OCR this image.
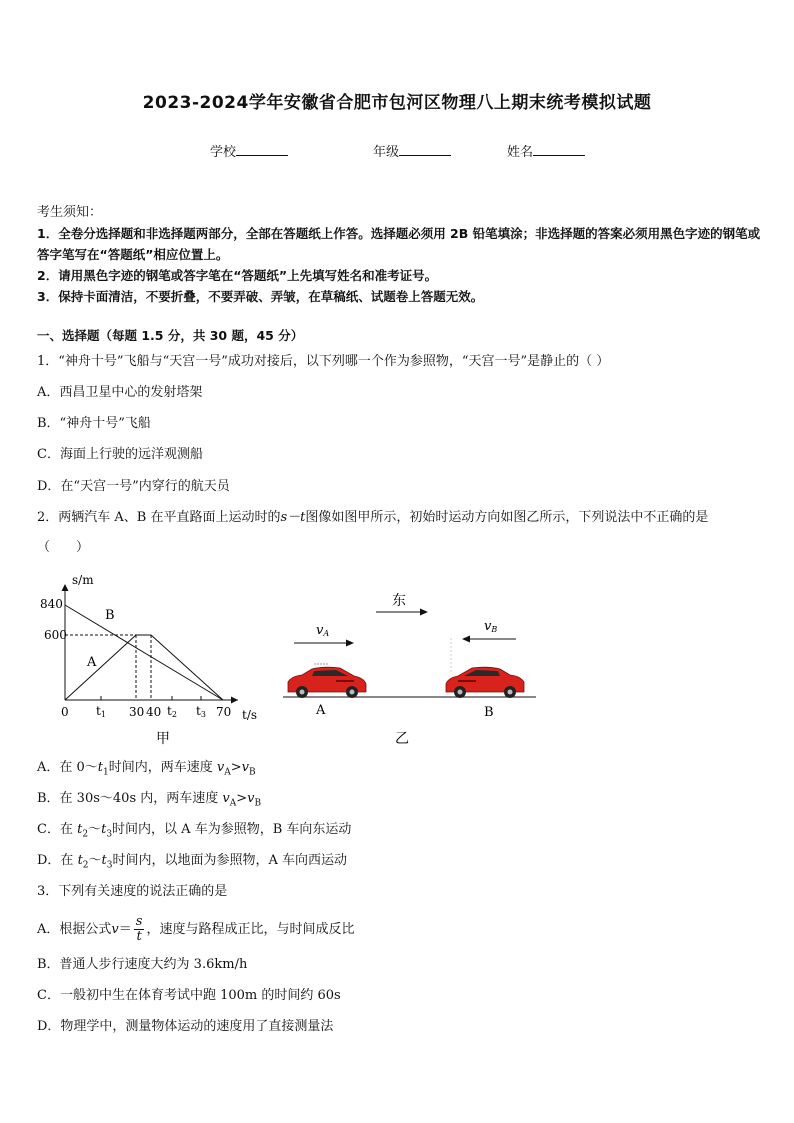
2023-2024学年安徽省合肥市包河区物理八上期末统考模拟试题
学校	年级	姓名
考生须知：
1．全卷分选择题和非选择题两部分，全部在答题纸上作答。选择题必须用 2B 铅笔填涂；非选择题的答案必须用黑色字迹的钢笔或答字笔写在“答题纸”相应位置上。
2．请用黑色字迹的钢笔或答字笔在“答题纸”上先填写姓名和准考证号。
3．保持卡面清洁，不要折叠，不要弄破、弄皱，在草稿纸、试题卷上答题无效。
一、选择题（每题 1.5 分，共 30 题，45 分）
1．“神舟十号”飞船与“天宫一号”成功对接后，以下列哪一个作为参照物，“天宫一号”是静止的（ ）
A．西昌卫星中心的发射塔架
B．“神舟十号”飞船
C．海面上行驶的远洋观测船
D．在“天宫一号”内穿行的航天员
2．两辆汽车 A、B 在平直路面上运动时的s－t图像如图甲所示，初始时运动方向如图乙所示，下列说法中不正确的是
（　　）
s/m
t/s
0
840
600
B
A
t1 30 40 t2 t3 70
甲
东
vA	vB
A	B
乙
A．在 $0\sim t_1$时间内，两车速度 $v_A>v_B$
B．在 30s～40s 内，两车速度 $v_A>v_B$
C．在 $t_2\sim t_3$时间内，以 A 车为参照物，B 车向东运动
D．在 $t_2\sim t_3$时间内，以地面为参照物，A 车向西运动
3．下列有关速度的说法正确的是
A．根据公式$v= \frac{s}{t}$ ，速度与路程成正比，与时间成反比
B．普通人步行速度大约为 3.6km/h
C．一般初中生在体育考试中跑 100m 的时间约 60s
D．物理学中，测量物体运动的速度用了直接测量法
